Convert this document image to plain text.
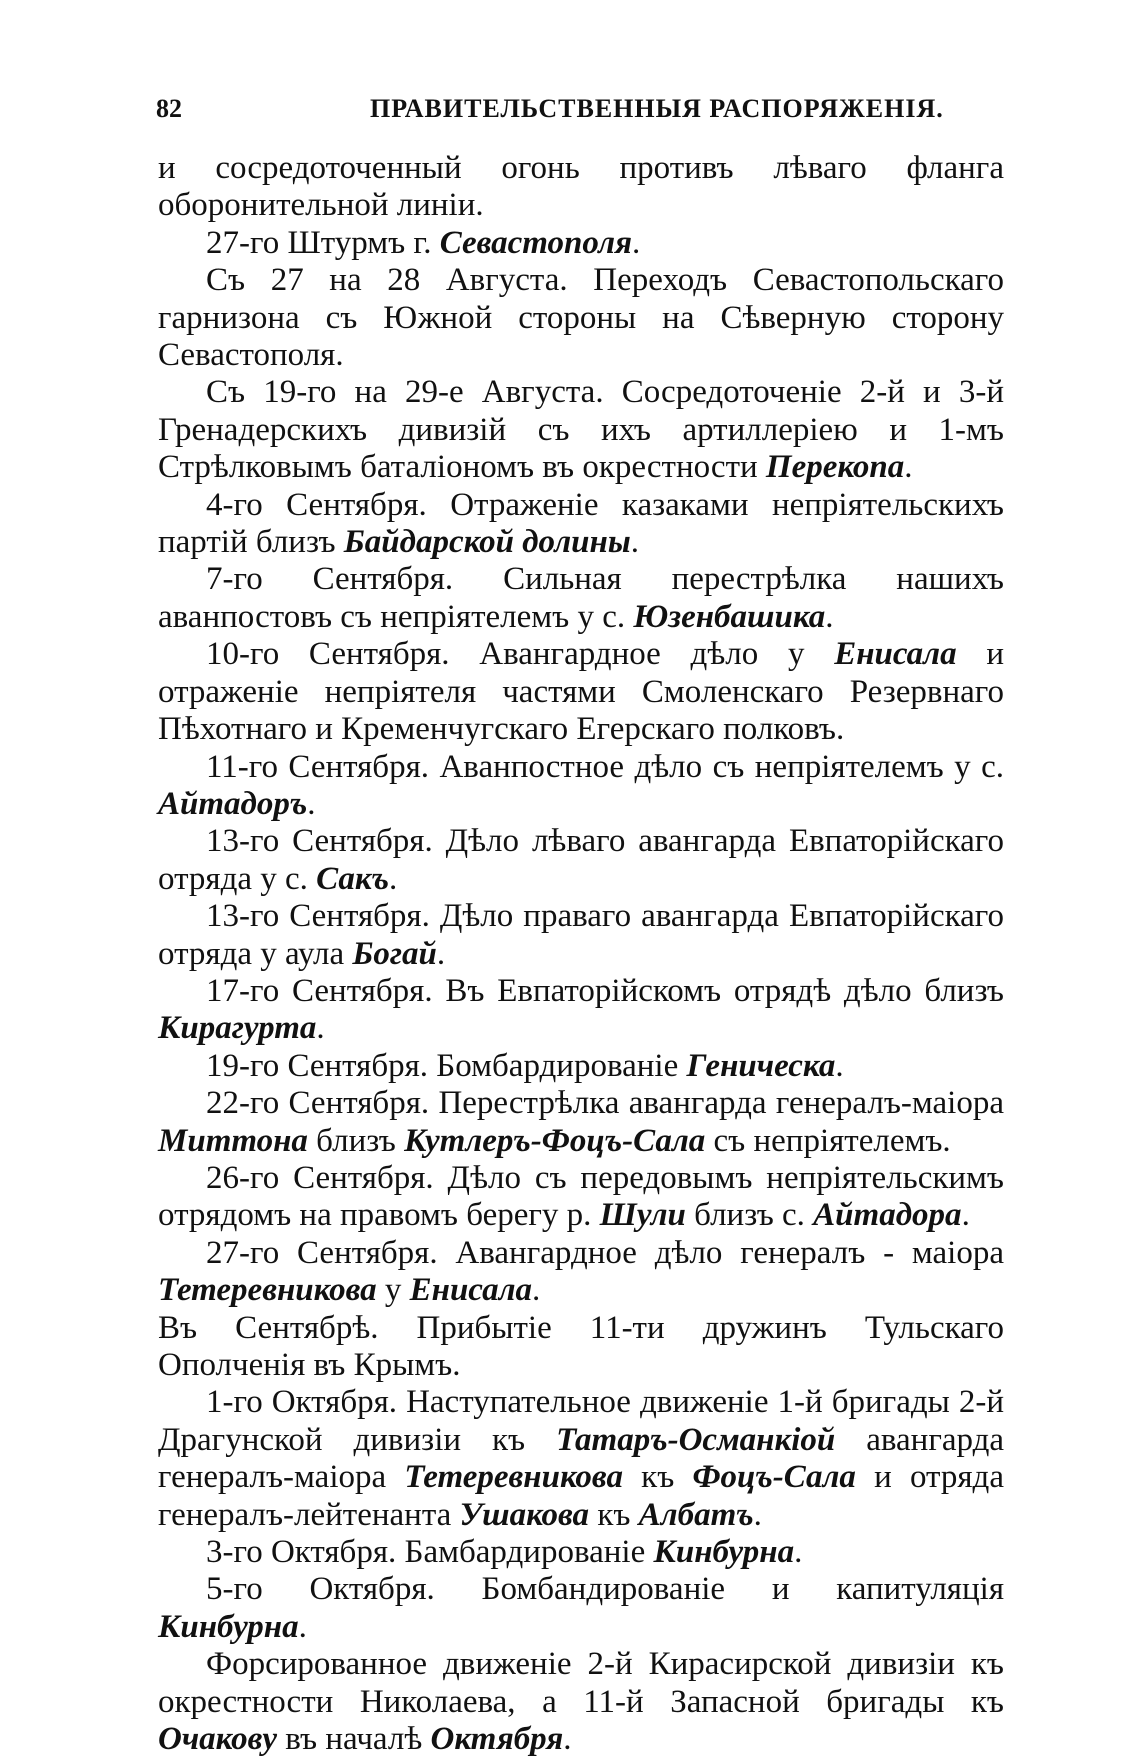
82	ПРАВИТЕЛЬСТВЕННЫЯ РАСПОРЯЖЕНІЯ.

и сосредоточенный огонь противъ лѣваго фланга оборонительной линіи.

27-го Штурмъ г. Севастополя.

Съ 27 на 28 Августа. Переходъ Севастопольскаго гарнизона съ Южной стороны на Сѣверную сторону Севастополя.

Съ 19-го на 29-е Августа. Сосредоточеніе 2-й и 3-й Гренадерскихъ дивизій съ ихъ артиллеріею и 1-мъ Стрѣлковымъ баталіономъ въ окрестности Перекопа.

4-го Сентября. Отраженіе казаками непріятельскихъ партій близъ Байдарской долины.

7-го Сентября. Сильная перестрѣлка нашихъ аванпостовъ съ непріятелемъ у с. Юзенбашика.

10-го Сентября. Авангардное дѣло у Енисала и отраженіе непріятеля частями Смоленскаго Резервнаго Пѣхотнаго и Кременчугскаго Егерскаго полковъ.

11-го Сентября. Аванпостное дѣло съ непріятелемъ у с. Айтадоръ.

13-го Сентября. Дѣло лѣваго авангарда Евпаторійскаго отряда у с. Сакъ.

13-го Сентября. Дѣло праваго авангарда Евпаторійскаго отряда у аула Богай.

17-го Сентября. Въ Евпаторійскомъ отрядѣ дѣло близъ Кирагурта.

19-го Сентября. Бомбардированіе Геническа.

22-го Сентября. Перестрѣлка авангарда генералъ-маіора Миттона близъ Кутлеръ-Фоцъ-Сала съ непріятелемъ.

26-го Сентября. Дѣло съ передовымъ непріятельскимъ отрядомъ на правомъ берегу р. Шули близъ с. Айтадора.

27-го Сентября. Авангардное дѣло генералъ - маіора Тетеревникова у Енисала.

Въ Сентябрѣ. Прибытіе 11-ти дружинъ Тульскаго Ополченія въ Крымъ.

1-го Октября. Наступательное движеніе 1-й бригады 2-й Драгунской дивизіи къ Татаръ-Османкіой авангарда генералъ-маіора Тетеревникова къ Фоцъ-Сала и отряда генералъ-лейтенанта Ушакова къ Албатъ.

3-го Октября. Бамбардированіе Кинбурна.

5-го Октября. Бомбандированіе и капитуляція Кинбурна.

Форсированное движеніе 2-й Кирасирской дивизіи къ окрестности Николаева, а 11-й Запасной бригады къ Очакову въ началѣ Октября.
